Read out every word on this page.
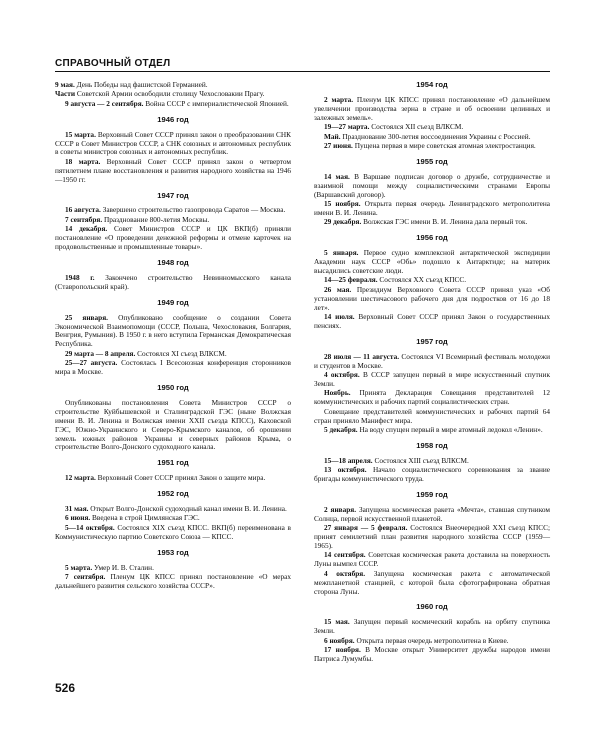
СПРАВОЧНЫЙ ОТДЕЛ

9 мая. День Победы над фашистской Германией.

Части Советской Армии освободили столицу Чехословакии Прагу.

9 августа — 2 сентября. Война СССР с империалистической Японией.

1946 год

15 марта. Верховный Совет СССР принял закон о преобразовании СНК СССР в Совет Министров СССР, а СНК союзных и автономных республик в советы министров союзных и автономных республик.

18 марта. Верховный Совет СССР принял закон о четвертом пятилетнем плане восстановления и развития народного хозяйства на 1946—1950 гг.

1947 год

16 августа. Завершено строительство газопровода Саратов — Москва.

7 сентября. Празднование 800-летия Москвы.

14 декабря. Совет Министров СССР и ЦК ВКП(б) приняли постановление «О проведении денежной реформы и отмене карточек на продовольственные и промышленные товары».

1948 год

1948 г. Закончено строительство Невинномысского канала (Ставропольский край).

1949 год

25 января. Опубликовано сообщение о создании Совета Экономической Взаимопомощи (СССР, Польша, Чехословакия, Болгария, Венгрия, Румыния). В 1950 г. в него вступила Германская Демократическая Республика.

29 марта — 8 апреля. Состоялся XI съезд ВЛКСМ.

25—27 августа. Состоялась I Всесоюзная конференция сторонников мира в Москве.

1950 год

Опубликованы постановления Совета Министров СССР о строительстве Куйбышевской и Сталинградской ГЭС (ныне Волжская имени В. И. Ленина и Волжская имени XXII съезда КПСС), Каховской ГЭС, Южно-Украинского и Северо-Крымского каналов, об орошении земель южных районов Украины и северных районов Крыма, о строительстве Волго-Донского судоходного канала.

1951 год

12 марта. Верховный Совет СССР принял Закон о защите мира.

1952 год

31 мая. Открыт Волго-Донской судоходный канал имени В. И. Ленина.

6 июня. Введена в строй Цимлянская ГЭС.

5—14 октября. Состоялся XIX съезд КПСС. ВКП(б) переименована в Коммунистическую партию Советского Союза — КПСС.

1953 год

5 марта. Умер И. В. Сталин.

7 сентября. Пленум ЦК КПСС принял постановление «О мерах дальнейшего развития сельского хозяйства СССР».

1954 год

2 марта. Пленум ЦК КПСС принял постановление «О дальнейшем увеличении производства зерна в стране и об освоении целинных и залежных земель».

19—27 марта. Состоялся XII съезд ВЛКСМ.

Май. Празднование 300-летия воссоединения Украины с Россией.

27 июня. Пущена первая в мире советская атомная электростанция.

1955 год

14 мая. В Варшаве подписан договор о дружбе, сотрудничестве и взаимной помощи между социалистическими странами Европы (Варшавский договор).

15 ноября. Открыта первая очередь Ленинградского метрополитена имени В. И. Ленина.

29 декабря. Волжская ГЭС имени В. И. Ленина дала первый ток.

1956 год

5 января. Первое судно комплексной антарктической экспедиции Академии наук СССР «Обь» подошло к Антарктиде; на материк высадились советские люди.

14—25 февраля. Состоялся XX съезд КПСС.

26 мая. Президиум Верховного Совета СССР принял указ «Об установлении шестичасового рабочего дня для подростков от 16 до 18 лет».

14 июля. Верховный Совет СССР принял Закон о государственных пенсиях.

1957 год

28 июля — 11 августа. Состоялся VI Всемирный фестиваль молодежи и студентов в Москве.

4 октября. В СССР запущен первый в мире искусственный спутник Земли.

Ноябрь. Принята Декларация Совещания представителей 12 коммунистических и рабочих партий социалистических стран.

Совещание представителей коммунистических и рабочих партий 64 стран приняло Манифест мира.

5 декабря. На воду спущен первый в мире атомный ледокол «Ленин».

1958 год

15—18 апреля. Состоялся XIII съезд ВЛКСМ.

13 октября. Начало социалистического соревнования за звание бригады коммунистического труда.

1959 год

2 января. Запущена космическая ракета «Мечта», ставшая спутником Солнца, первой искусственной планетой.

27 января — 5 февраля. Состоялся Внеочередной XXI съезд КПСС; принят семилетний план развития народного хозяйства СССР (1959—1965).

14 сентября. Советская космическая ракета доставила на поверхность Луны вымпел СССР.

4 октября. Запущена космическая ракета с автоматической межпланетной станцией, с которой была сфотографирована обратная сторона Луны.

1960 год

15 мая. Запущен первый космический корабль на орбиту спутника Земли.

6 ноября. Открыта первая очередь метрополитена в Киеве.

17 ноября. В Москве открыт Университет дружбы народов имени Патриса Лумумбы.

526
